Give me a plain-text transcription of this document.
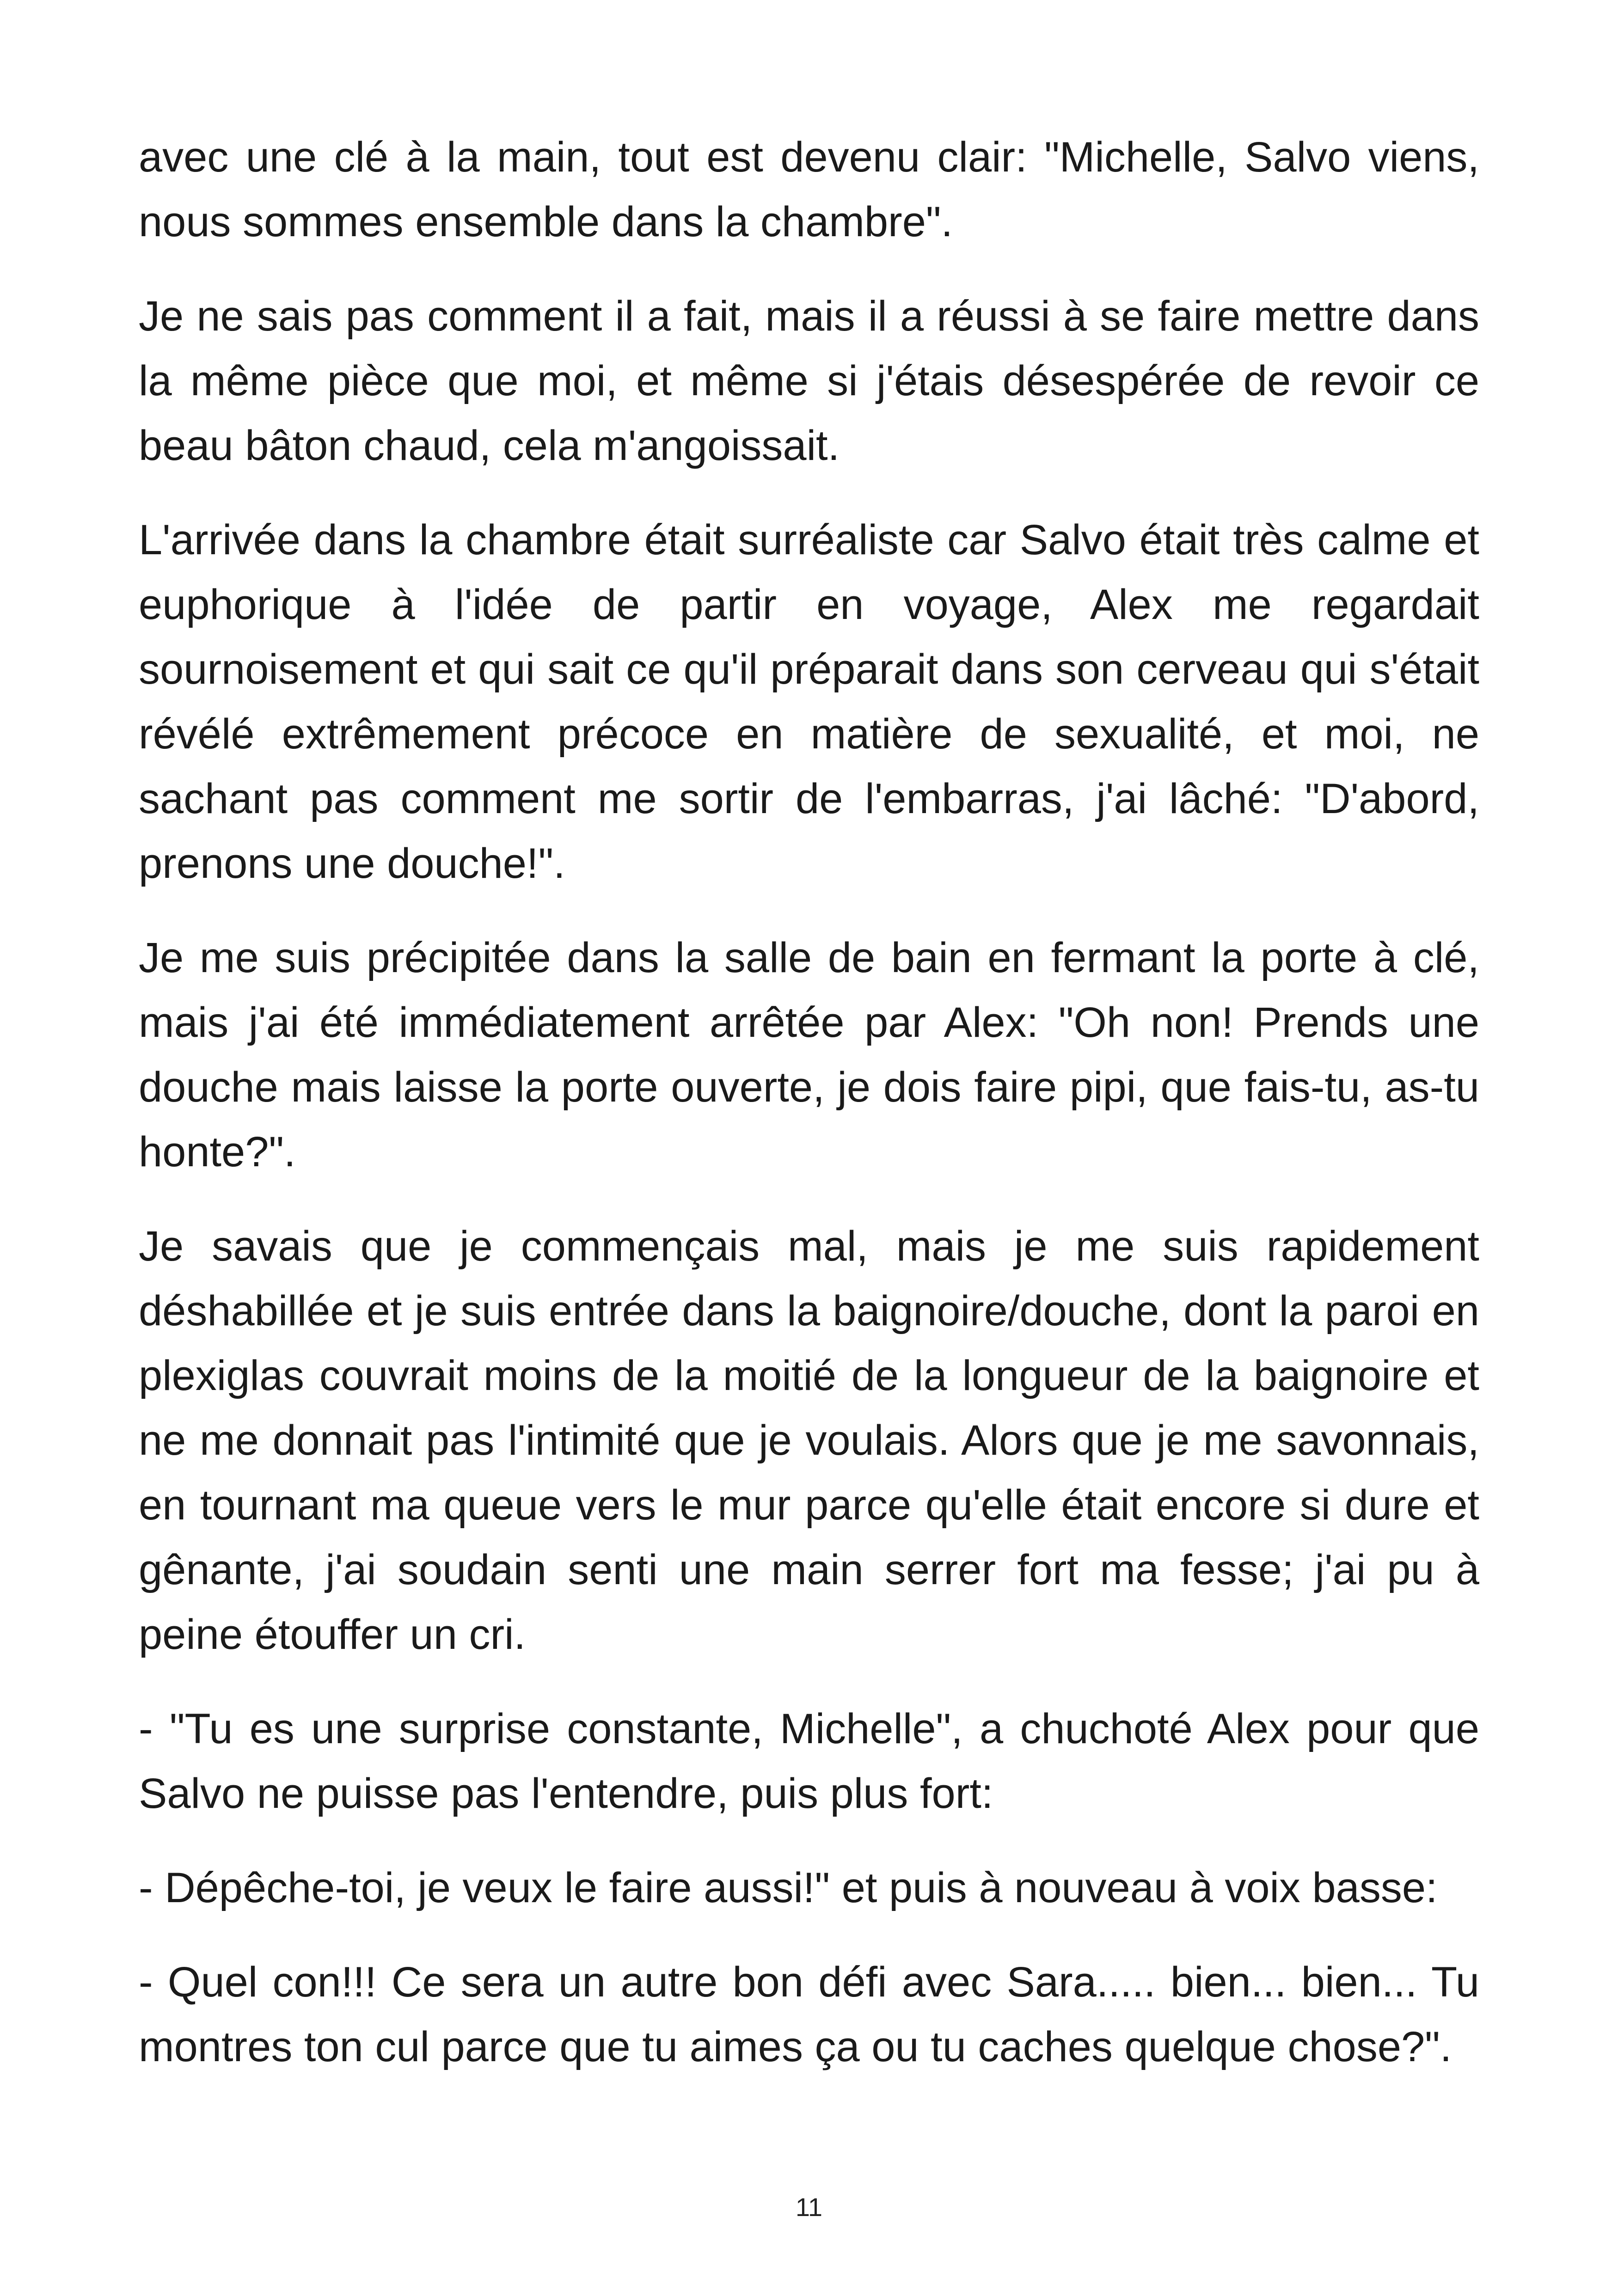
avec une clé à la main, tout est devenu clair: "Michelle, Salvo viens, nous sommes ensemble dans la chambre".

Je ne sais pas comment il a fait, mais il a réussi à se faire mettre dans la même pièce que moi, et même si j'étais désespérée de revoir ce beau bâton chaud, cela m'angoissait.

L'arrivée dans la chambre était surréaliste car Salvo était très calme et euphorique à l'idée de partir en voyage, Alex me regardait sournoisement et qui sait ce qu'il préparait dans son cerveau qui s'était révélé extrêmement précoce en matière de sexualité, et moi, ne sachant pas comment me sortir de l'embarras, j'ai lâché: "D'abord, prenons une douche!".

Je me suis précipitée dans la salle de bain en fermant la porte à clé, mais j'ai été immédiatement arrêtée par Alex: "Oh non! Prends une douche mais laisse la porte ouverte, je dois faire pipi, que fais-tu, as-tu honte?".

Je savais que je commençais mal, mais je me suis rapidement déshabillée et je suis entrée dans la baignoire/douche, dont la paroi en plexiglas couvrait moins de la moitié de la longueur de la baignoire et ne me donnait pas l'intimité que je voulais. Alors que je me savonnais, en tournant ma queue vers le mur parce qu'elle était encore si dure et gênante, j'ai soudain senti une main serrer fort ma fesse; j'ai pu à peine étouffer un cri.

- "Tu es une surprise constante, Michelle", a chuchoté Alex pour que Salvo ne puisse pas l'entendre, puis plus fort:

- Dépêche-toi, je veux le faire aussi!" et puis à nouveau à voix basse:

- Quel con!!! Ce sera un autre bon défi avec Sara..... bien... bien... Tu montres ton cul parce que tu aimes ça ou tu caches quelque chose?".

11
